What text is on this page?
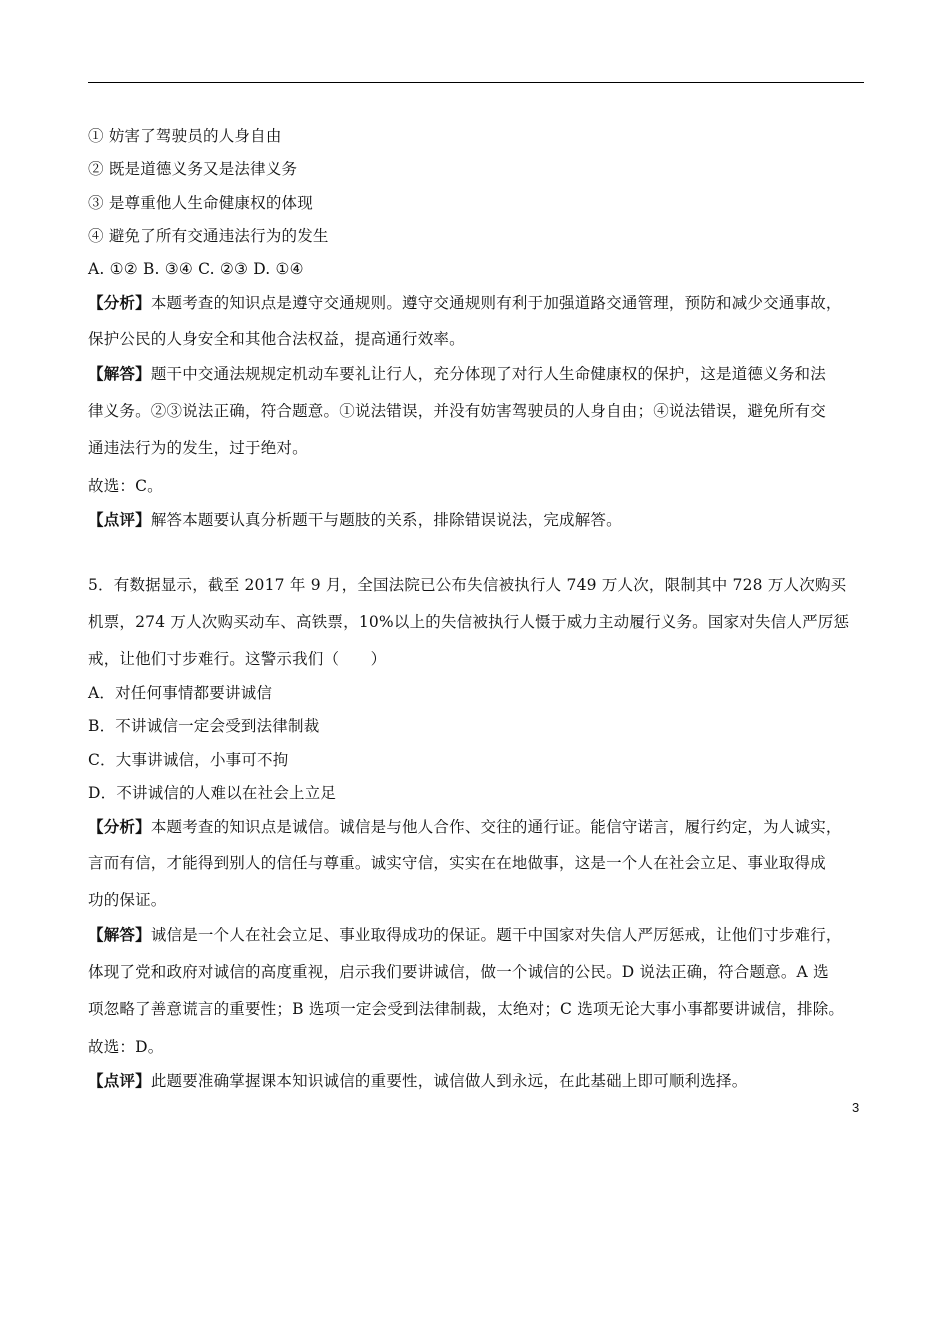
① 妨害了驾驶员的人身自由
② 既是道德义务又是法律义务
③ 是尊重他人生命健康权的体现
④ 避免了所有交通违法行为的发生
A. ①② B. ③④ C. ②③ D. ①④
【分析】本题考查的知识点是遵守交通规则。遵守交通规则有利于加强道路交通管理，预防和减少交通事故，
保护公民的人身安全和其他合法权益，提高通行效率。
【解答】题干中交通法规规定机动车要礼让行人，充分体现了对行人生命健康权的保护，这是道德义务和法
律义务。②③说法正确，符合题意。①说法错误，并没有妨害驾驶员的人身自由；④说法错误，避免所有交
通违法行为的发生，过于绝对。
故选：C。
【点评】解答本题要认真分析题干与题肢的关系，排除错误说法，完成解答。
5．有数据显示，截至 2017 年 9 月，全国法院已公布失信被执行人 749 万人次，限制其中 728 万人次购买
机票，274 万人次购买动车、高铁票，10%以上的失信被执行人慑于威力主动履行义务。国家对失信人严厉惩
戒，让他们寸步难行。这警示我们（　　）
A．对任何事情都要讲诚信
B．不讲诚信一定会受到法律制裁
C．大事讲诚信，小事可不拘
D．不讲诚信的人难以在社会上立足
【分析】本题考查的知识点是诚信。诚信是与他人合作、交往的通行证。能信守诺言，履行约定，为人诚实，
言而有信，才能得到别人的信任与尊重。诚实守信，实实在在地做事，这是一个人在社会立足、事业取得成
功的保证。
【解答】诚信是一个人在社会立足、事业取得成功的保证。题干中国家对失信人严厉惩戒，让他们寸步难行，
体现了党和政府对诚信的高度重视，启示我们要讲诚信，做一个诚信的公民。D 说法正确，符合题意。A 选
项忽略了善意谎言的重要性；B 选项一定会受到法律制裁，太绝对；C 选项无论大事小事都要讲诚信，排除。
故选：D。
【点评】此题要准确掌握课本知识诚信的重要性，诚信做人到永远，在此基础上即可顺利选择。
3
